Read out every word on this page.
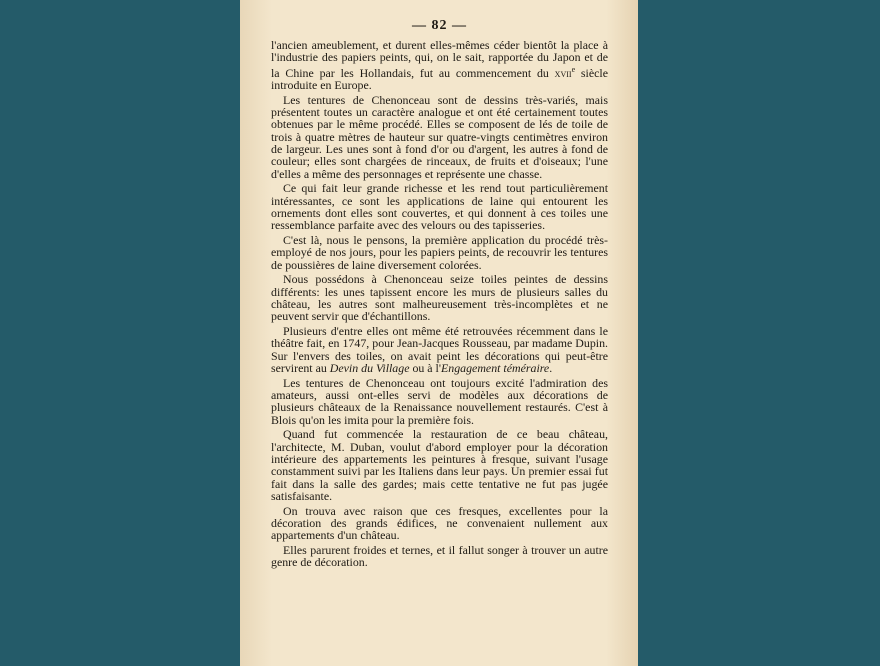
— 82 —

l'ancien ameublement, et durent elles-mêmes céder bientôt la place à l'industrie des papiers peints, qui, on le sait, rapportée du Japon et de la Chine par les Hollandais, fut au commencement du xvii$^e$ siècle introduite en Europe.

Les tentures de Chenonceau sont de dessins très-variés, mais présentent toutes un caractère analogue et ont été certainement toutes obtenues par le même procédé. Elles se composent de lés de toile de trois à quatre mètres de hauteur sur quatre-vingts centimètres environ de largeur. Les unes sont à fond d'or ou d'argent, les autres à fond de couleur; elles sont chargées de rinceaux, de fruits et d'oiseaux; l'une d'elles a même des personnages et représente une chasse.

Ce qui fait leur grande richesse et les rend tout particulièrement intéressantes, ce sont les applications de laine qui entourent les ornements dont elles sont couvertes, et qui donnent à ces toiles une ressemblance parfaite avec des velours ou des tapisseries.

C'est là, nous le pensons, la première application du procédé très-employé de nos jours, pour les papiers peints, de recouvrir les tentures de poussières de laine diversement colorées.

Nous possédons à Chenonceau seize toiles peintes de dessins différents: les unes tapissent encore les murs de plusieurs salles du château, les autres sont malheureusement très-incomplètes et ne peuvent servir que d'échantillons.

Plusieurs d'entre elles ont même été retrouvées récemment dans le théâtre fait, en 1747, pour Jean-Jacques Rousseau, par madame Dupin. Sur l'envers des toiles, on avait peint les décorations qui peut-être servirent au Devin du Village ou à l'Engagement téméraire.

Les tentures de Chenonceau ont toujours excité l'admiration des amateurs, aussi ont-elles servi de modèles aux décorations de plusieurs châteaux de la Renaissance nouvellement restaurés. C'est à Blois qu'on les imita pour la première fois.

Quand fut commencée la restauration de ce beau château, l'architecte, M. Duban, voulut d'abord employer pour la décoration intérieure des appartements les peintures à fresque, suivant l'usage constamment suivi par les Italiens dans leur pays. Un premier essai fut fait dans la salle des gardes; mais cette tentative ne fut pas jugée satisfaisante.

On trouva avec raison que ces fresques, excellentes pour la décoration des grands édifices, ne convenaient nullement aux appartements d'un château.

Elles parurent froides et ternes, et il fallut songer à trouver un autre genre de décoration.
